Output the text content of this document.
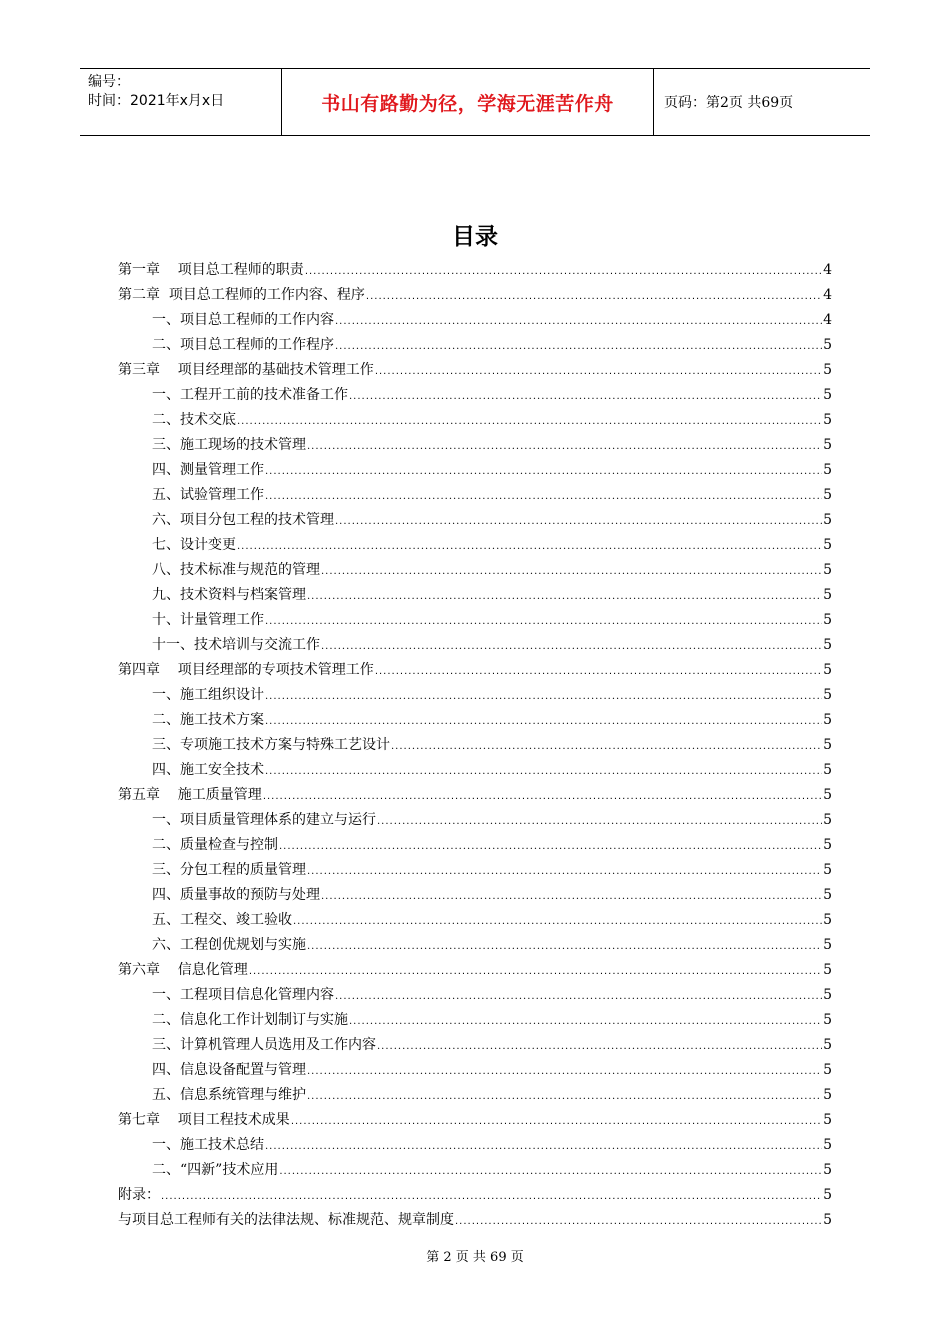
编号：
时间：2021年x月x日	书山有路勤为径，学海无涯苦作舟	页码：第2页 共69页
目录
第一章    项目总工程师的职责 .....	4
第二章  项目总工程师的工作内容、程序 .....	4
一、项目总工程师的工作内容 .....	4
二、项目总工程师的工作程序 .....	5
第三章    项目经理部的基础技术管理工作 .....	5
一、工程开工前的技术准备工作 .....	5
二、技术交底 .....	5
三、施工现场的技术管理 .....	5
四、测量管理工作 .....	5
五、试验管理工作 .....	5
六、项目分包工程的技术管理 .....	5
七、设计变更 .....	5
八、技术标准与规范的管理 .....	5
九、技术资料与档案管理 .....	5
十、计量管理工作 .....	5
十一、技术培训与交流工作 .....	5
第四章    项目经理部的专项技术管理工作 .....	5
一、施工组织设计 .....	5
二、施工技术方案 .....	5
三、专项施工技术方案与特殊工艺设计 .....	5
四、施工安全技术 .....	5
第五章    施工质量管理 .....	5
一、项目质量管理体系的建立与运行 .....	5
二、质量检查与控制 .....	5
三、分包工程的质量管理 .....	5
四、质量事故的预防与处理 .....	5
五、工程交、竣工验收 .....	5
六、工程创优规划与实施 .....	5
第六章    信息化管理 .....	5
一、工程项目信息化管理内容 .....	5
二、信息化工作计划制订与实施 .....	5
三、计算机管理人员选用及工作内容 .....	5
四、信息设备配置与管理 .....	5
五、信息系统管理与维护 .....	5
第七章    项目工程技术成果 .....	5
一、施工技术总结 .....	5
二、“四新”技术应用 .....	5
附录： .....	5
与项目总工程师有关的法律法规、标准规范、规章制度 .....	5
第 2 页 共 69 页
